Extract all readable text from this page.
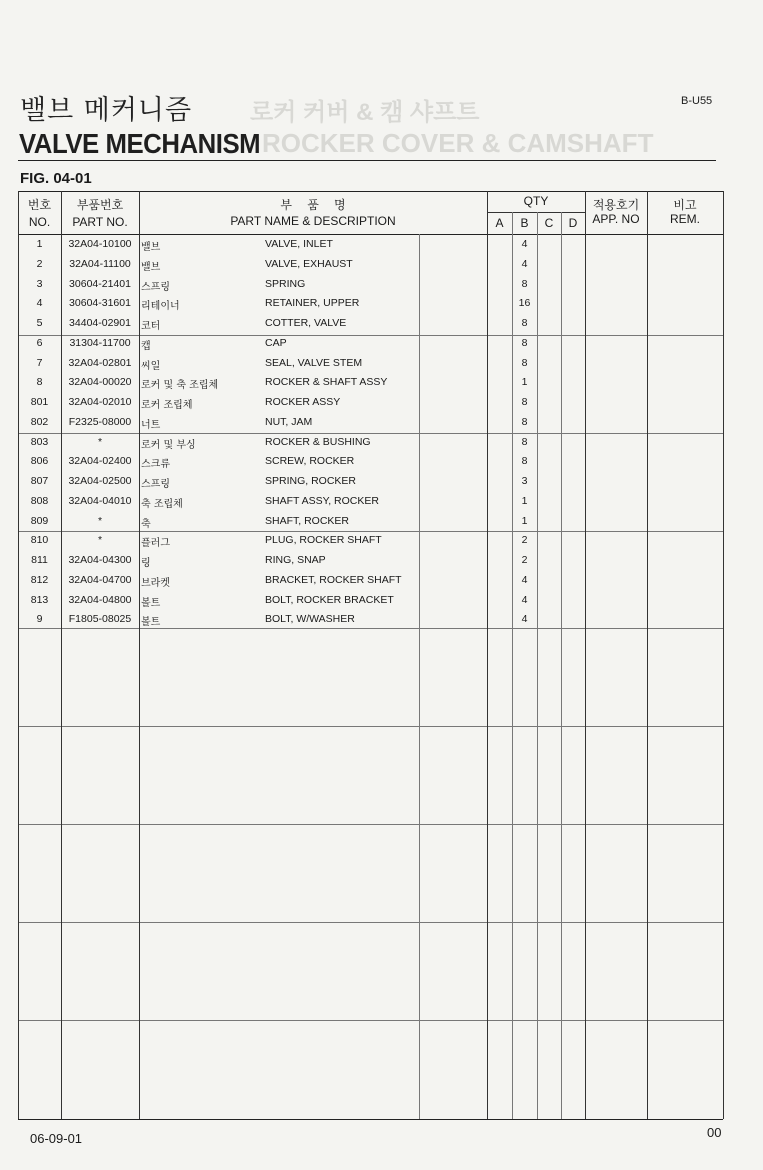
로커 커버 & 캠 샤프트
ROCKER COVER & CAMSHAFT
밸브 메커니즘
VALVE MECHANISM
B-U55
FIG. 04-01
번호
NO.
부품번호
PART NO.
부    품    명
PART NAME & DESCRIPTION
QTY
A	B	C	D
적용호기
APP. NO
비고
REM.
1	32A04-10100 밸브	VALVE, INLET	4
2	32A04-11100	밸브	VALVE, EXHAUST	4
3	30604-21401	스프링	SPRING	8
4	30604-31601	리테이너	RETAINER, UPPER	16
5	34404-02901	코터	COTTER, VALVE	8
6	31304-11700	캡	CAP	8
7	32A04-02801 씨일	SEAL, VALVE STEM	8
8	32A04-00020 로커 및 축 조립체	ROCKER & SHAFT ASSY	1
801	32A04-02010 로커 조립체	ROCKER ASSY	8
802	F2325-08000 너트	NUT, JAM	8
803	*	로커 및 부싱	ROCKER & BUSHING	8
806	32A04-02400 스크류	SCREW, ROCKER	8
807	32A04-02500 스프링	SPRING, ROCKER	3
808	32A04-04010 축 조립체	SHAFT ASSY, ROCKER	1
809	*	축	SHAFT, ROCKER	1
810	*	플러그	PLUG, ROCKER SHAFT	2
811	32A04-04300 링	RING, SNAP	2
812	32A04-04700 브라켓	BRACKET, ROCKER SHAFT	4
813	32A04-04800 볼트	BOLT, ROCKER BRACKET	4
9	F1805-08025 볼트	BOLT, W/WASHER	4
06-09-01	00
